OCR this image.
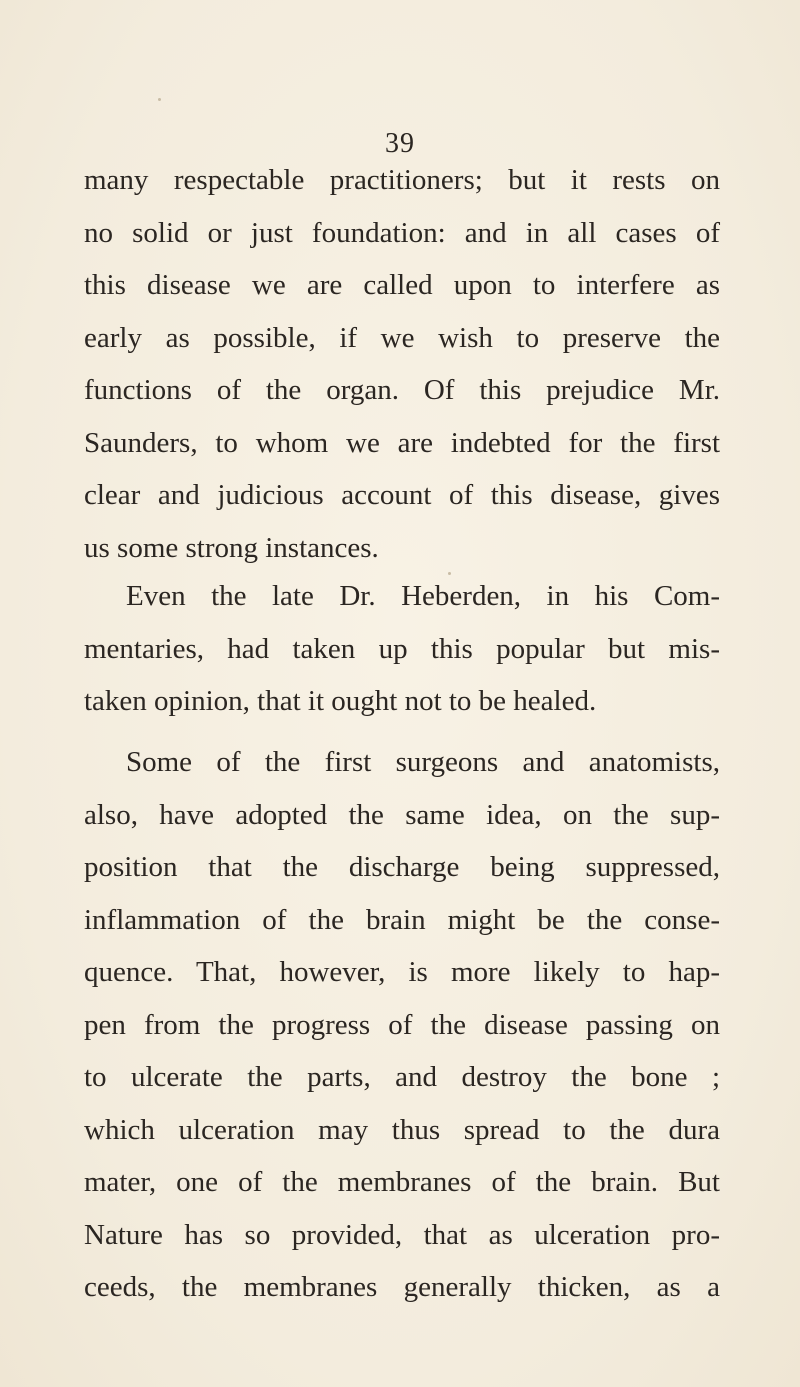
39
many respectable practitioners; but it rests on
no solid or just foundation: and in all cases of
this disease we are called upon to interfere as
early as possible, if we wish to preserve the
functions of the organ. Of this prejudice Mr.
Saunders, to whom we are indebted for the first
clear and judicious account of this disease, gives
us some strong instances.
Even the late Dr. Heberden, in his Com-
mentaries, had taken up this popular but mis-
taken opinion, that it ought not to be healed.
Some of the first surgeons and anatomists,
also, have adopted the same idea, on the sup-
position that the discharge being suppressed,
inflammation of the brain might be the conse-
quence. That, however, is more likely to hap-
pen from the progress of the disease passing on
to ulcerate the parts, and destroy the bone ;
which ulceration may thus spread to the dura
mater, one of the membranes of the brain. But
Nature has so provided, that as ulceration pro-
ceeds, the membranes generally thicken, as a
